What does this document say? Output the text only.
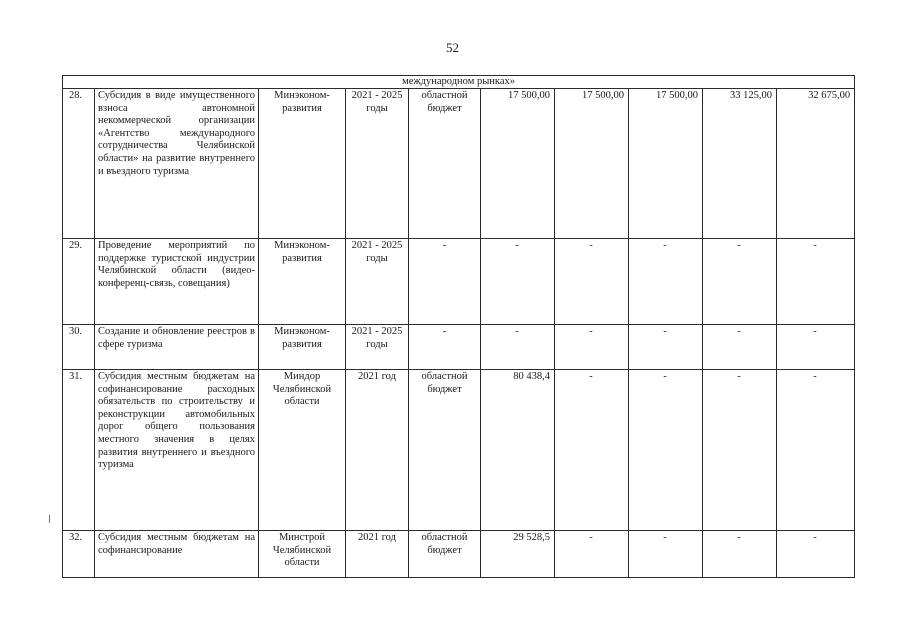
52
международном рынках»									
28.	Субсидия в виде имущественного взноса автономной некоммерческой организации «Агентство международного сотрудничества Челябинской области» на развитие внутреннего и въездного туризма	Минэконом-развития	2021 - 2025 годы	областной бюджет	17 500,00	17 500,00	17 500,00	33 125,00	32 675,00
29.	Проведение мероприятий по поддержке туристской индустрии Челябинской области (видео-конференц-связь, совещания)	Минэконом-развития	2021 - 2025 годы	-	-	-	-	-	-
30.	Создание и обновление реестров в сфере туризма	Минэконом-развития	2021 - 2025 годы	-	-	-	-	-	-
31.	Субсидия местным бюджетам на софинансирование расходных обязательств по строительству и реконструкции автомобильных дорог общего пользования местного значения в целях развития внутреннего и въездного туризма	Миндор Челябинской области	2021 год	областной бюджет	80 438,4	-	-	-	-
32.	Субсидия местным бюджетам на софинансирование	Минстрой Челябинской области	2021 год	областной бюджет	29 528,5	-	-	-	-
